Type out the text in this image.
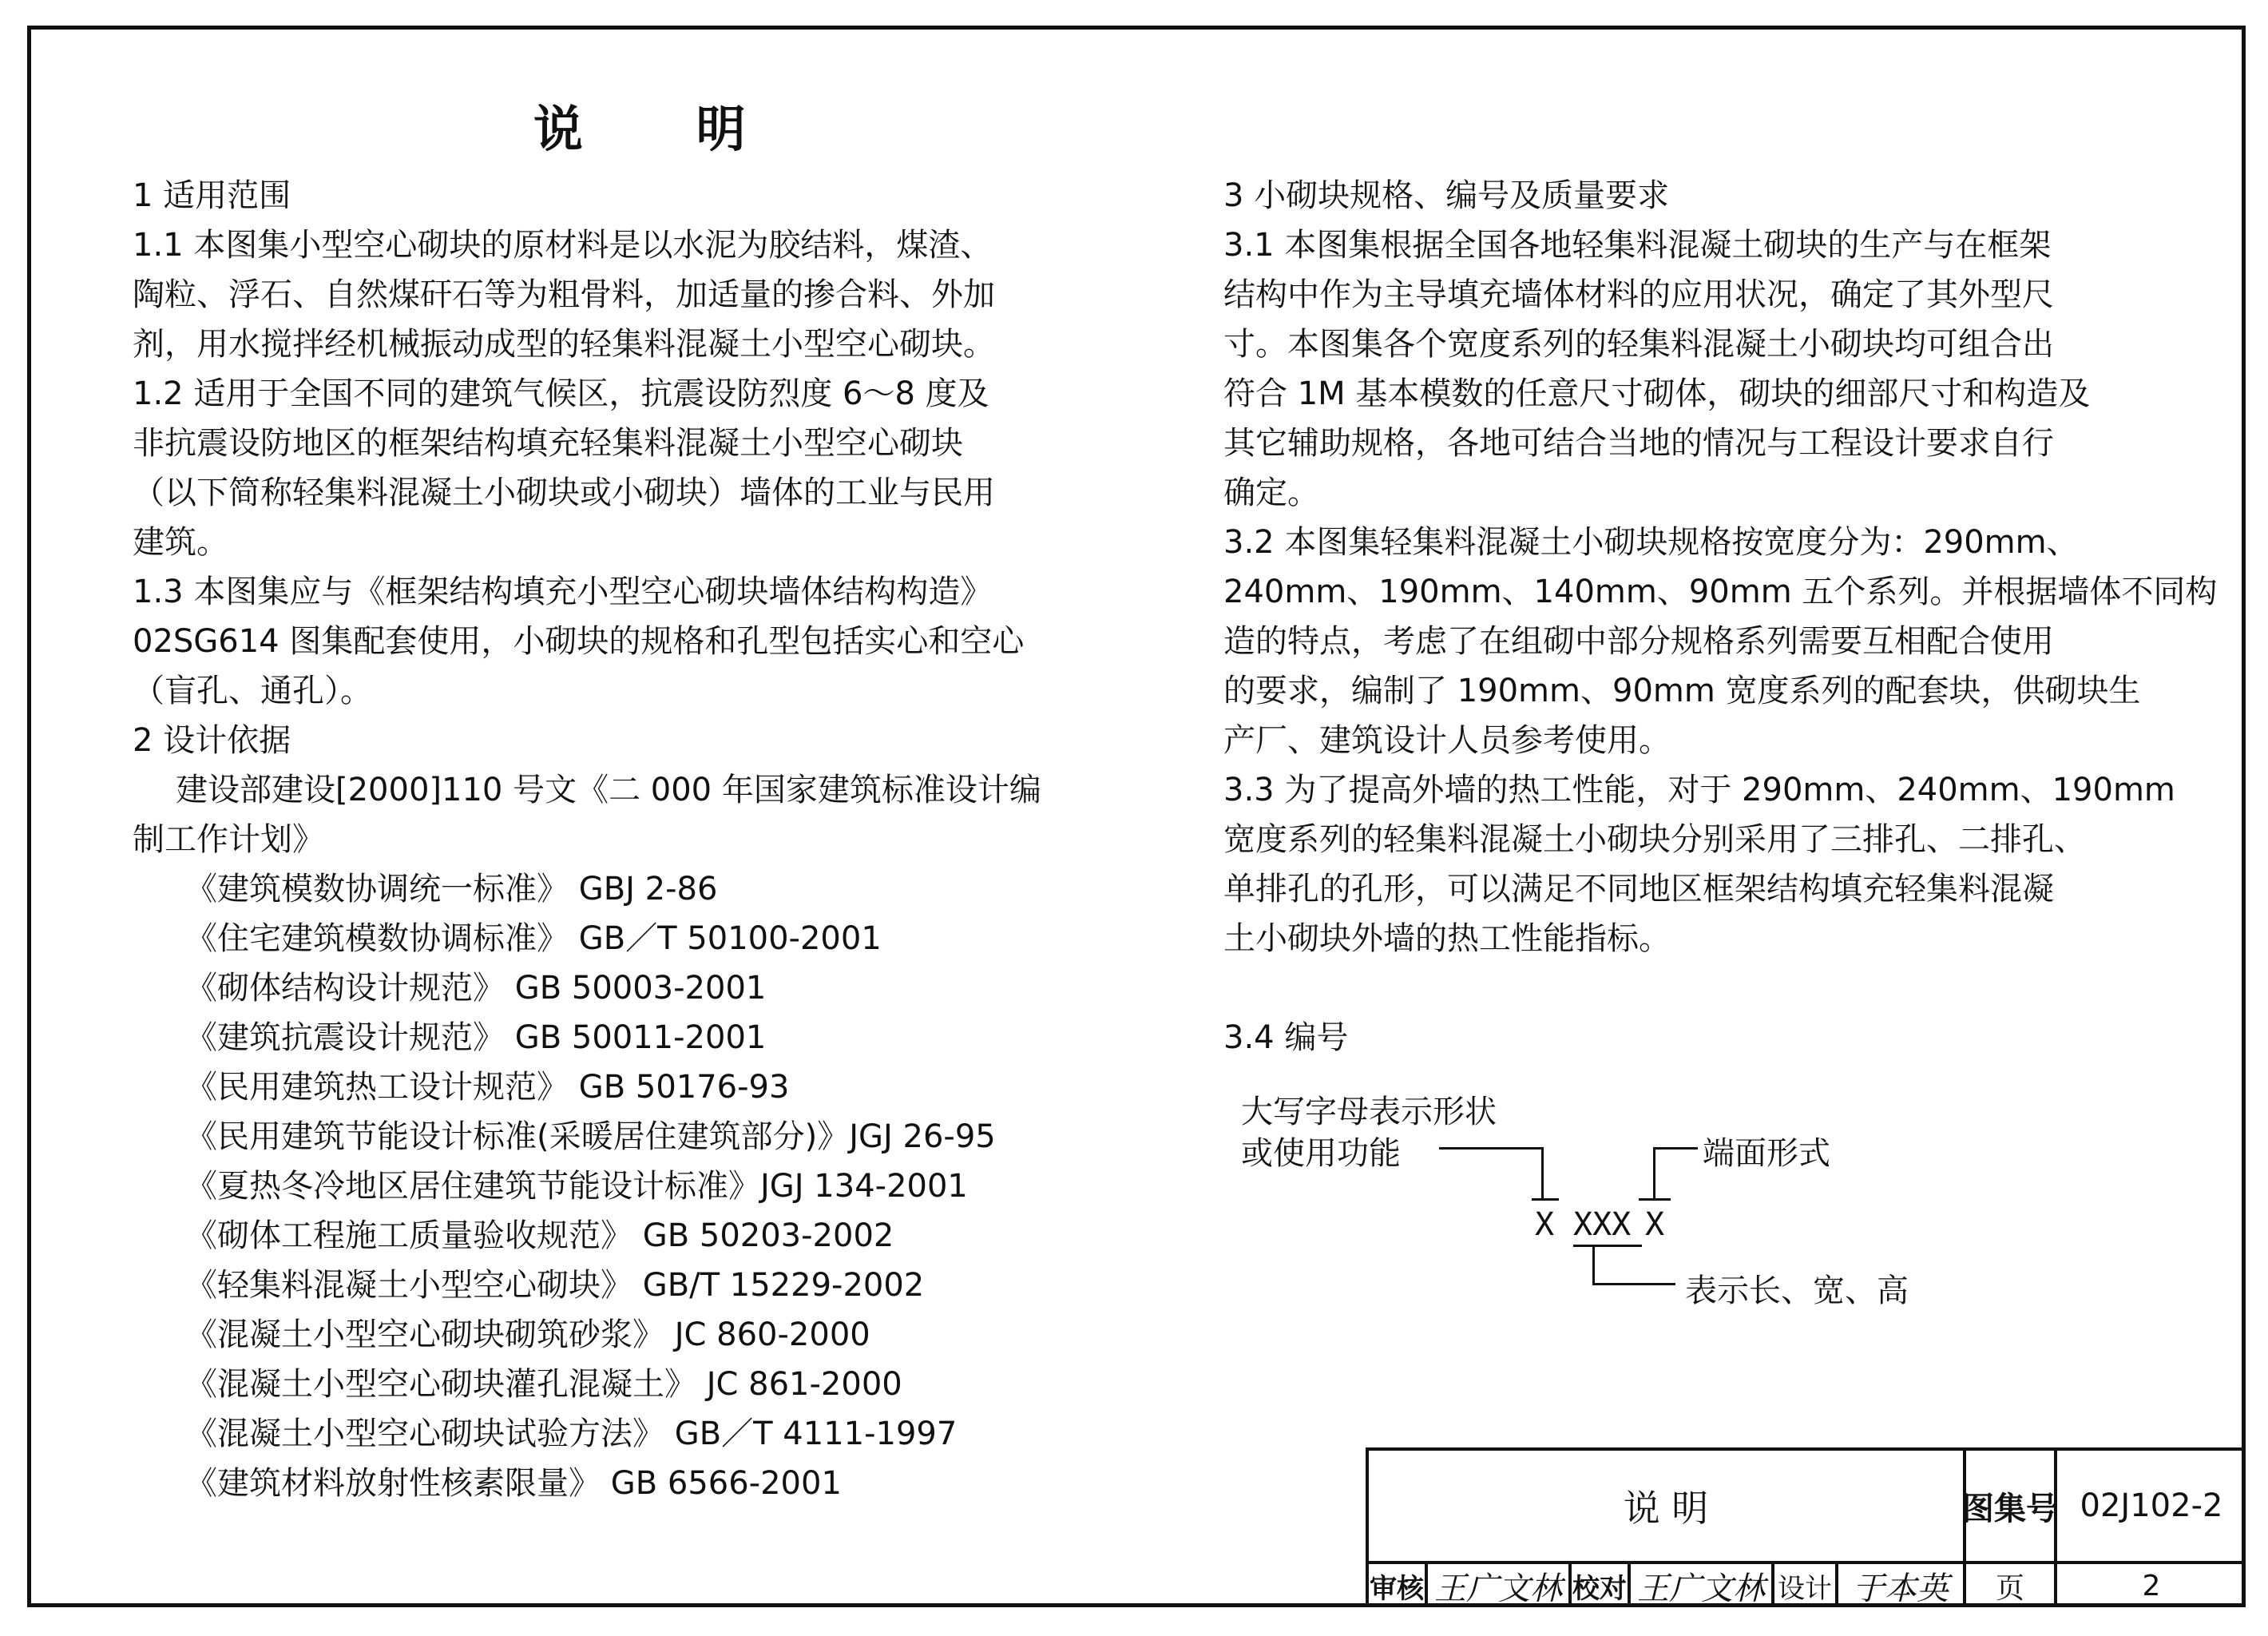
说 明

1 适用范围

1.1 本图集小型空心砌块的原材料是以水泥为胶结料，煤渣、

陶粒、浮石、自然煤矸石等为粗骨料，加适量的掺合料、外加

剂，用水搅拌经机械振动成型的轻集料混凝土小型空心砌块。

1.2 适用于全国不同的建筑气候区，抗震设防烈度 6～8 度及

非抗震设防地区的框架结构填充轻集料混凝土小型空心砌块

（以下简称轻集料混凝土小砌块或小砌块）墙体的工业与民用

建筑。

1.3 本图集应与《框架结构填充小型空心砌块墙体结构构造》

02SG614 图集配套使用，小砌块的规格和孔型包括实心和空心

（盲孔、通孔）。

2 设计依据

建设部建设[2000]110 号文《二 000 年国家建筑标准设计编

制工作计划》

《建筑模数协调统一标准》 GBJ 2-86

《住宅建筑模数协调标准》 GB／T 50100-2001

《砌体结构设计规范》 GB 50003-2001

《建筑抗震设计规范》 GB 50011-2001

《民用建筑热工设计规范》 GB 50176-93

《民用建筑节能设计标准(采暖居住建筑部分)》JGJ 26-95

《夏热冬冷地区居住建筑节能设计标准》JGJ 134-2001

《砌体工程施工质量验收规范》 GB 50203-2002

《轻集料混凝土小型空心砌块》 GB/T 15229-2002

《混凝土小型空心砌块砌筑砂浆》 JC 860-2000

《混凝土小型空心砌块灌孔混凝土》 JC 861-2000

《混凝土小型空心砌块试验方法》 GB／T 4111-1997

《建筑材料放射性核素限量》 GB 6566-2001

3 小砌块规格、编号及质量要求

3.1 本图集根据全国各地轻集料混凝土砌块的生产与在框架

结构中作为主导填充墙体材料的应用状况，确定了其外型尺

寸。本图集各个宽度系列的轻集料混凝土小砌块均可组合出

符合 1M 基本模数的任意尺寸砌体，砌块的细部尺寸和构造及

其它辅助规格，各地可结合当地的情况与工程设计要求自行

确定。

3.2 本图集轻集料混凝土小砌块规格按宽度分为：290mm、

240mm、190mm、140mm、90mm 五个系列。并根据墙体不同构

造的特点，考虑了在组砌中部分规格系列需要互相配合使用

的要求，编制了 190mm、90mm 宽度系列的配套块，供砌块生

产厂、建筑设计人员参考使用。

3.3 为了提高外墙的热工性能，对于 290mm、240mm、190mm

宽度系列的轻集料混凝土小砌块分别采用了三排孔、二排孔、

单排孔的孔形，可以满足不同地区框架结构填充轻集料混凝

土小砌块外墙的热工性能指标。

3.4 编号

大写字母表示形状
或使用功能	端面形式
X XXX X
表示长、宽、高
说 明	图集号 02J102-2
审核 王广文林 校对 王广文林 设计 于本英	页	2
